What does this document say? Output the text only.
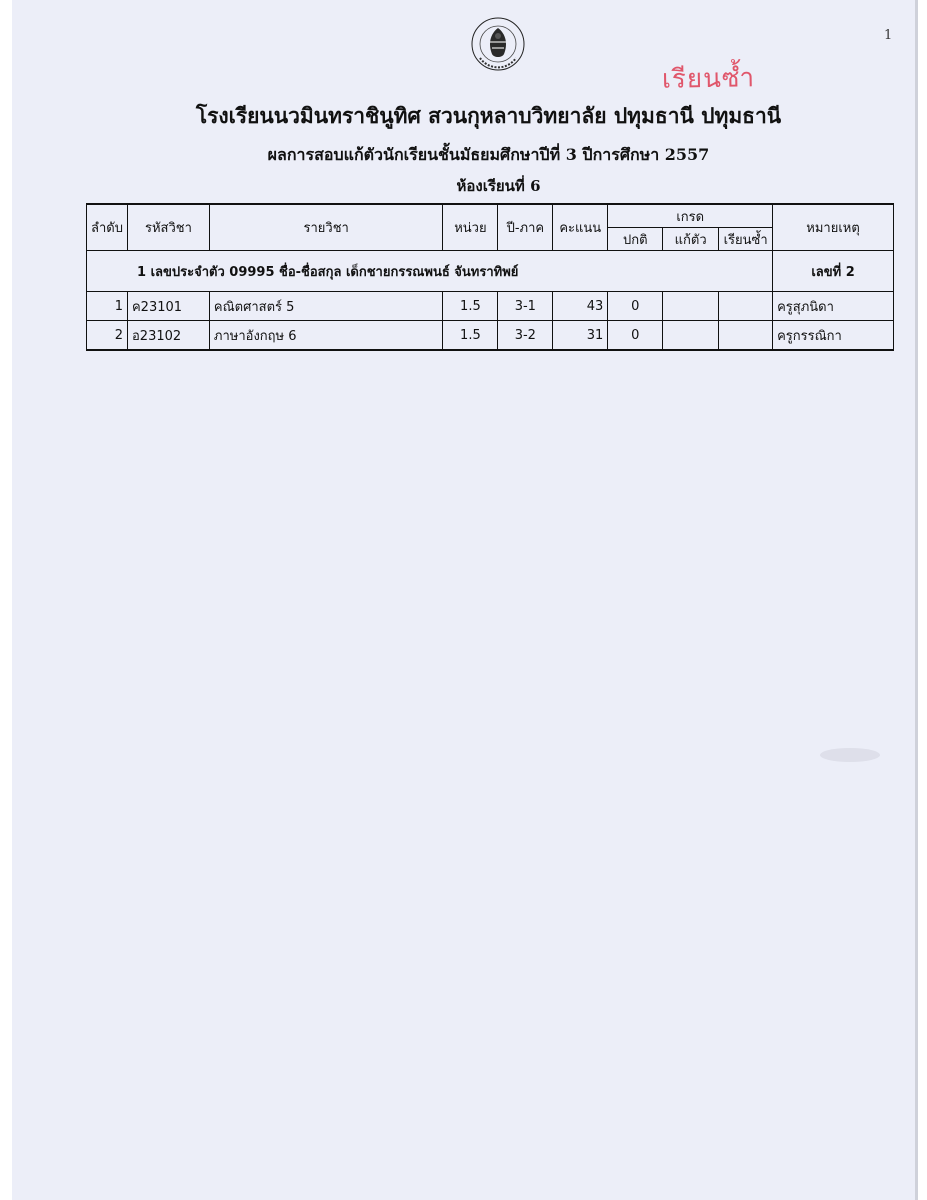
1
เรียนซ้ำ
โรงเรียนนวมินทราชินูทิศ สวนกุหลาบวิทยาลัย ปทุมธานี ปทุมธานี
ผลการสอบแก้ตัวนักเรียนชั้นมัธยมศึกษาปีที่ 3 ปีการศึกษา 2557
ห้องเรียนที่ 6
ลำดับ	รหัสวิชา	รายวิชา	หน่วย	ปี-ภาค	คะแนน	เกรด			หมายเหตุ
						ปกติ	แก้ตัว	เรียนซ้ำ	
1 เลขประจำตัว 09995 ชื่อ-ชื่อสกุล เด็กชายกรรณพนธ์ จันทราทิพย์									เลขที่ 2
1	ค23101	คณิตศาสตร์ 5	1.5	3-1	43	0			ครูสุภนิดา
2	อ23102	ภาษาอังกฤษ 6	1.5	3-2	31	0			ครูกรรณิกา
